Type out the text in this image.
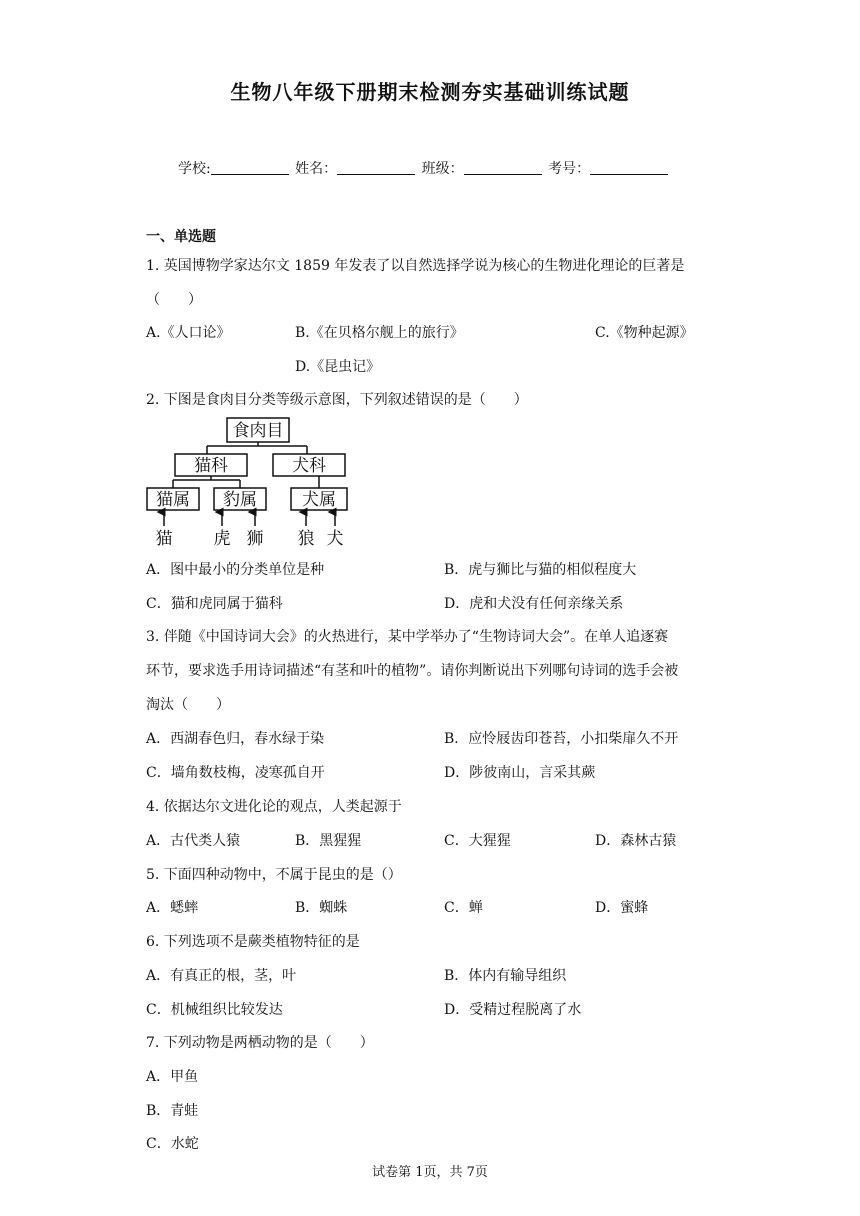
生物八年级下册期末检测夯实基础训练试题
学校:	姓名：	班级：	考号：
一、单选题
1. 英国博物学家达尔文 1859 年发表了以自然选择学说为核心的生物进化理论的巨著是
（　　）
A.《人口论》	B.《在贝格尔舰上的旅行》	C.《物种起源》
D.《昆虫记》
2. 下图是食肉目分类等级示意图，下列叙述错误的是（　　）
食肉目
猫科	犬科
猫属 豹属	犬属
猫 虎 狮 狼 犬
A．图中最小的分类单位是种	B．虎与狮比与猫的相似程度大
C．猫和虎同属于猫科	D．虎和犬没有任何亲缘关系
3. 伴随《中国诗词大会》的火热进行，某中学举办了“生物诗词大会”。在单人追逐赛
环节，要求选手用诗词描述“有茎和叶的植物”。请你判断说出下列哪句诗词的选手会被
淘汰（　　）
A．西湖春色归，春水绿于染	B．应怜屐齿印苍苔，小扣柴扉久不开
C．墙角数枝梅，凌寒孤自开	D．陟彼南山，言采其蕨
4. 依据达尔文进化论的观点，人类起源于
A．古代类人猿	B．黑猩猩	C．大猩猩	D．森林古猿
5. 下面四种动物中，不属于昆虫的是（）
A．蟋蟀	B．蜘蛛	C．蝉	D．蜜蜂
6. 下列选项不是蕨类植物特征的是
A．有真正的根，茎，叶	B．体内有输导组织
C．机械组织比较发达	D．受精过程脱离了水
7. 下列动物是两栖动物的是（　　）
A．甲鱼
B．青蛙
C．水蛇
试卷第 1页，共 7页
